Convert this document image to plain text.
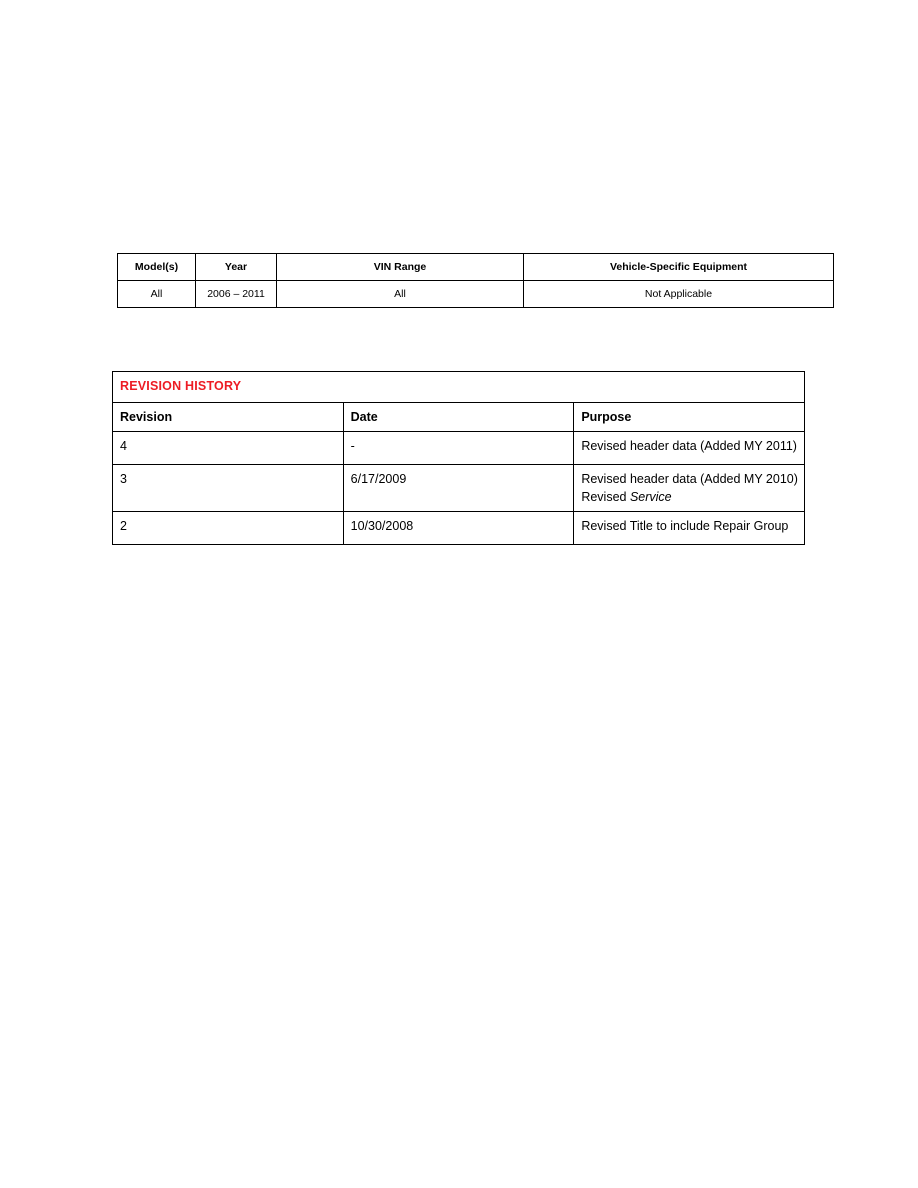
Model(s)	Year	VIN Range	Vehicle-Specific Equipment
All	2006 – 2011	All	Not Applicable
REVISION HISTORY		
Revision	Date	Purpose
4	-	Revised header data (Added MY 2011)

3	6/17/2009	Revised header data (Added MY 2010)
Revised Service

2	10/30/2008	Revised Title to include Repair Group
